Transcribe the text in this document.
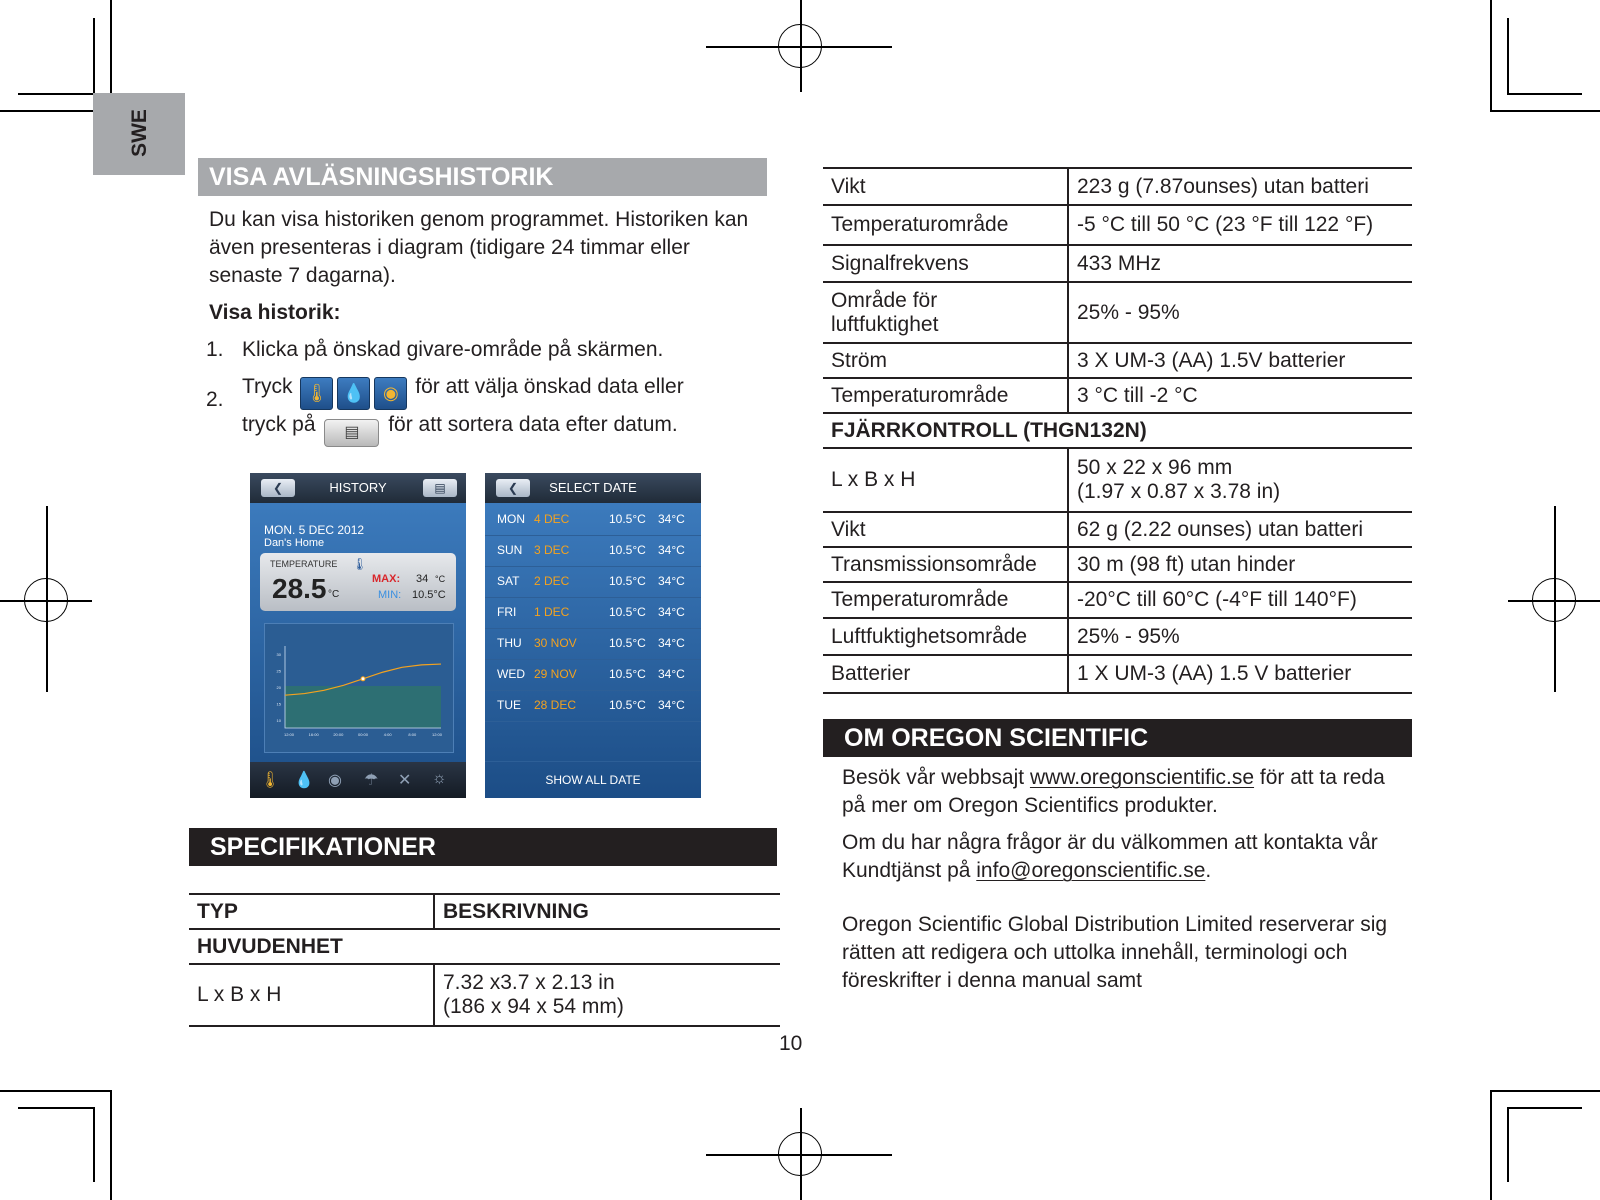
SWE
VISA AVLÄSNINGSHISTORIK
Du kan visa historiken genom programmet. Historiken kan även presenteras i diagram (tidigare 24 timmar eller senaste 7 dagarna).
Visa historik:
1. Klicka på önskad givare-område på skärmen.
2.
Tryck 🌡 💧 ◉ för att välja önskad data eller
tryck på ▤ för att sortera data efter datum.
❮	HISTORY	▤
MON. 5 DEC 2012
Dan's Home
TEMPERATURE 🌡
28.5 °C
MAX: 34 °C
MIN: 10.5°C
30
25
20
15
10
12:00	16:00	20:00	00:00	4:00	8:00	12:00
🌡 💧 ◉ ☂ ✕ ☼
❮	SELECT DATE
MON 4 DEC	10.5°C 34°C
SUN 3 DEC	10.5°C 34°C
SAT 2 DEC	10.5°C 34°C
FRI 1 DEC	10.5°C 34°C
THU 30 NOV	10.5°C 34°C
WED 29 NOV	10.5°C 34°C
TUE 28 DEC	10.5°C 34°C
SHOW ALL DATE
SPECIFIKATIONER
TYP	BESKRIVNING
HUVUDENHET	
L x B x H	7.32 x3.7 x 2.13 in
(186 x 94 x 54 mm)
10
Vikt	223 g (7.87ounses) utan batteri
Temperaturområde	-5 °C till 50 °C (23 °F till 122 °F)
Signalfrekvens	433 MHz

Område för
luftfuktighet	25% - 95%
Ström	3 X UM-3 (AA) 1.5V batterier
Temperaturområde	3 °C till -2 °C
FJÄRRKONTROLL (THGN132N)	
L x B x H	50 x 22 x 96 mm
(1.97 x 0.87 x 3.78 in)

Vikt	62 g (2.22 ounses) utan batteri
Transmissionsområde	30 m (98 ft) utan hinder
Temperaturområde	-20°C till 60°C (-4°F till 140°F)
Luftfuktighetsområde	25% - 95%
Batterier	1 X UM-3 (AA) 1.5 V batterier
OM OREGON SCIENTIFIC
Besök vår webbsajt www.oregonscientific.se för att ta reda på mer om Oregon Scientifics produkter.
Om du har några frågor är du välkommen att kontakta vår Kundtjänst på info@oregonscientific.se.
Oregon Scientific Global Distribution Limited reserverar sig rätten att redigera och uttolka innehåll, terminologi och föreskrifter i denna manual samt
